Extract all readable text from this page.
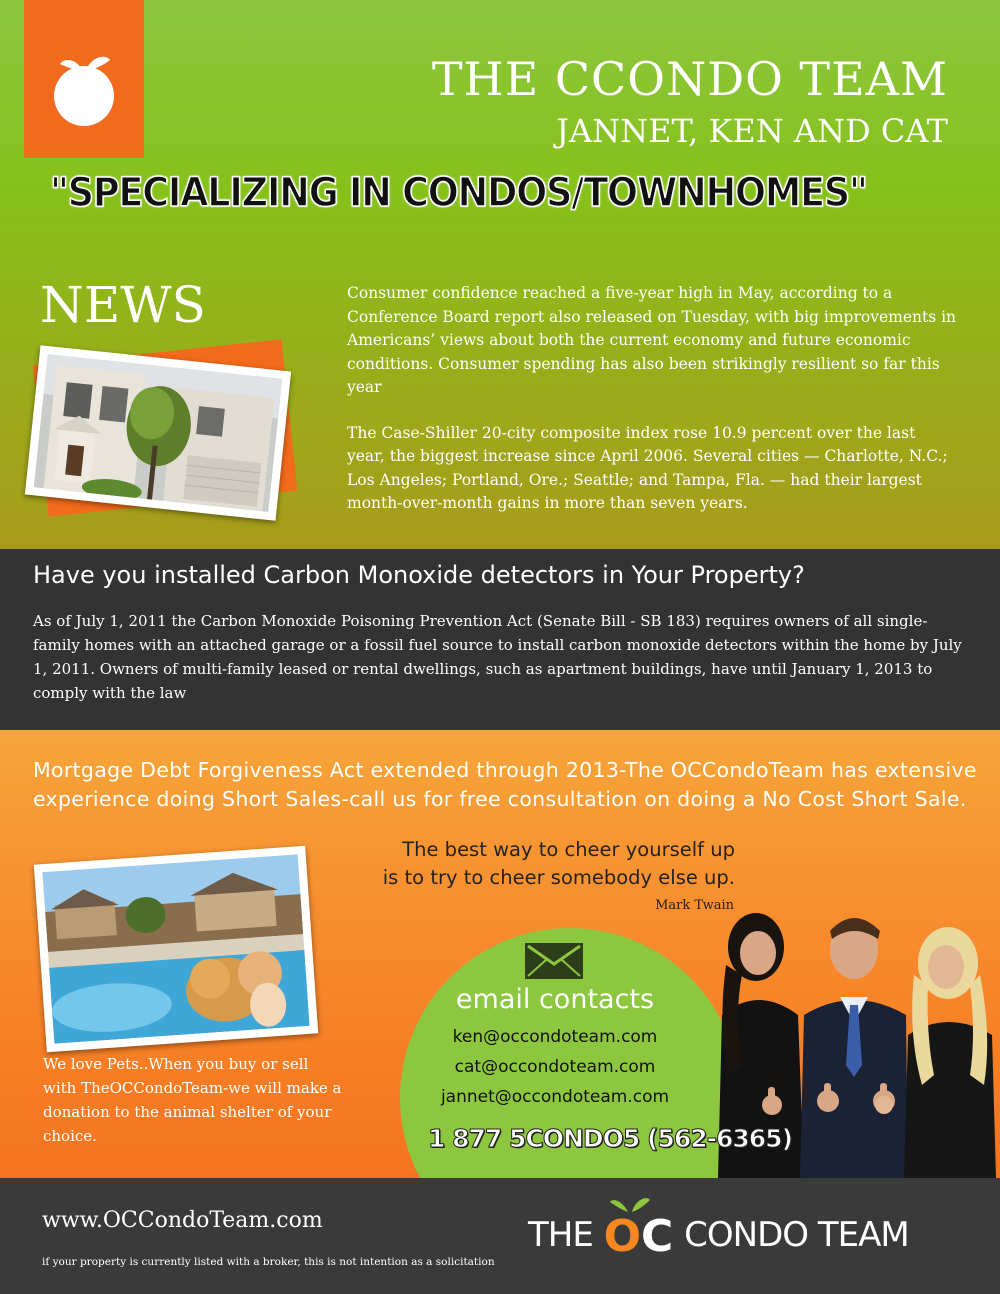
THE CCONDO TEAM
JANNET, KEN AND CAT
"SPECIALIZING IN CONDOS/TOWNHOMES"
NEWS	Consumer confidence reached a five-year high in May, according to a Conference Board report also released on Tuesday, with big improvements in Americans’ views about both the current economy and future economic conditions. Consumer spending has also been strikingly resilient so far this year

The Case-Shiller 20-city composite index rose 10.9 percent over the last year, the biggest increase since April 2006. Several cities — Charlotte, N.C.; Los Angeles; Portland, Ore.; Seattle; and Tampa, Fla. — had their largest month-over-month gains in more than seven years.

Have you installed Carbon Monoxide detectors in Your Property?
As of July 1, 2011 the Carbon Monoxide Poisoning Prevention Act (Senate Bill - SB 183) requires owners of all single-family homes with an attached garage or a fossil fuel source to install carbon monoxide detectors within the home by July 1, 2011. Owners of multi-family leased or rental dwellings, such as apartment buildings, have until January 1, 2013 to comply with the law
Mortgage Debt Forgiveness Act extended through 2013-The OCCondoTeam has extensive experience doing Short Sales-call us for free consultation on doing a No Cost Short Sale.
The best way to cheer yourself up
is to try to cheer somebody else up.
Mark Twain
We love Pets..When you buy or sell with TheOCCondoTeam-we will make a donation to the animal shelter of your choice.
email contacts
ken@occondoteam.com
cat@occondoteam.com
jannet@occondoteam.com
1 877 5CONDO5 (562-6365)
www.OCCondoTeam.com
if your property is currently listed with a broker, this is not intention as a solicitation
THE OC CONDO TEAM
